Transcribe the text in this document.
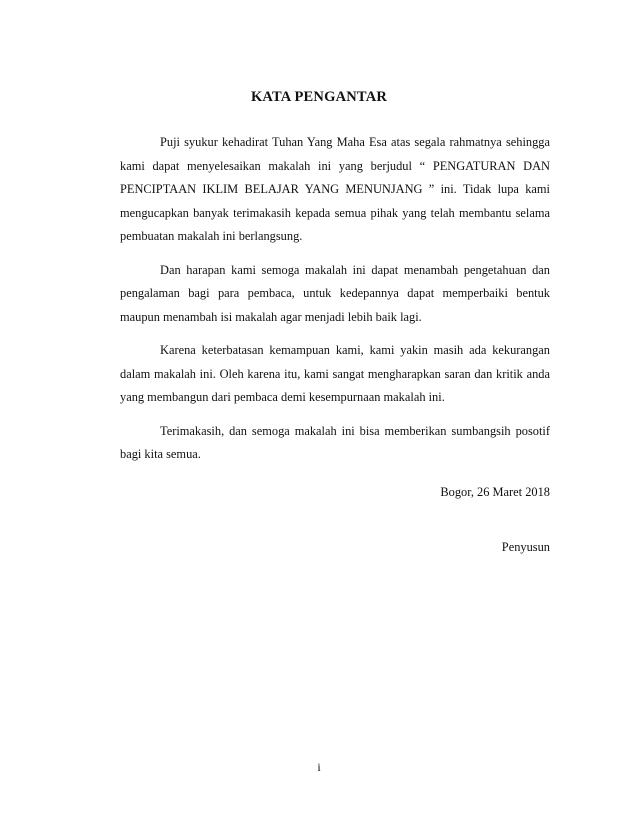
KATA PENGANTAR

Puji syukur kehadirat Tuhan Yang Maha Esa atas segala rahmatnya sehingga kami dapat menyelesaikan makalah ini yang berjudul “ PENGATURAN DAN PENCIPTAAN IKLIM BELAJAR YANG MENUNJANG ” ini. Tidak lupa kami mengucapkan banyak terimakasih kepada semua pihak yang telah membantu selama pembuatan makalah ini berlangsung.

Dan harapan kami semoga makalah ini dapat menambah pengetahuan dan pengalaman bagi para pembaca, untuk kedepannya dapat memperbaiki bentuk maupun menambah isi makalah agar menjadi lebih baik lagi.

Karena keterbatasan kemampuan kami, kami yakin masih ada kekurangan dalam makalah ini. Oleh karena itu, kami sangat mengharapkan saran dan kritik anda yang membangun dari pembaca demi kesempurnaan makalah ini.

Terimakasih, dan semoga makalah ini bisa memberikan sumbangsih posotif bagi kita semua.

Bogor, 26 Maret 2018

Penyusun

i
